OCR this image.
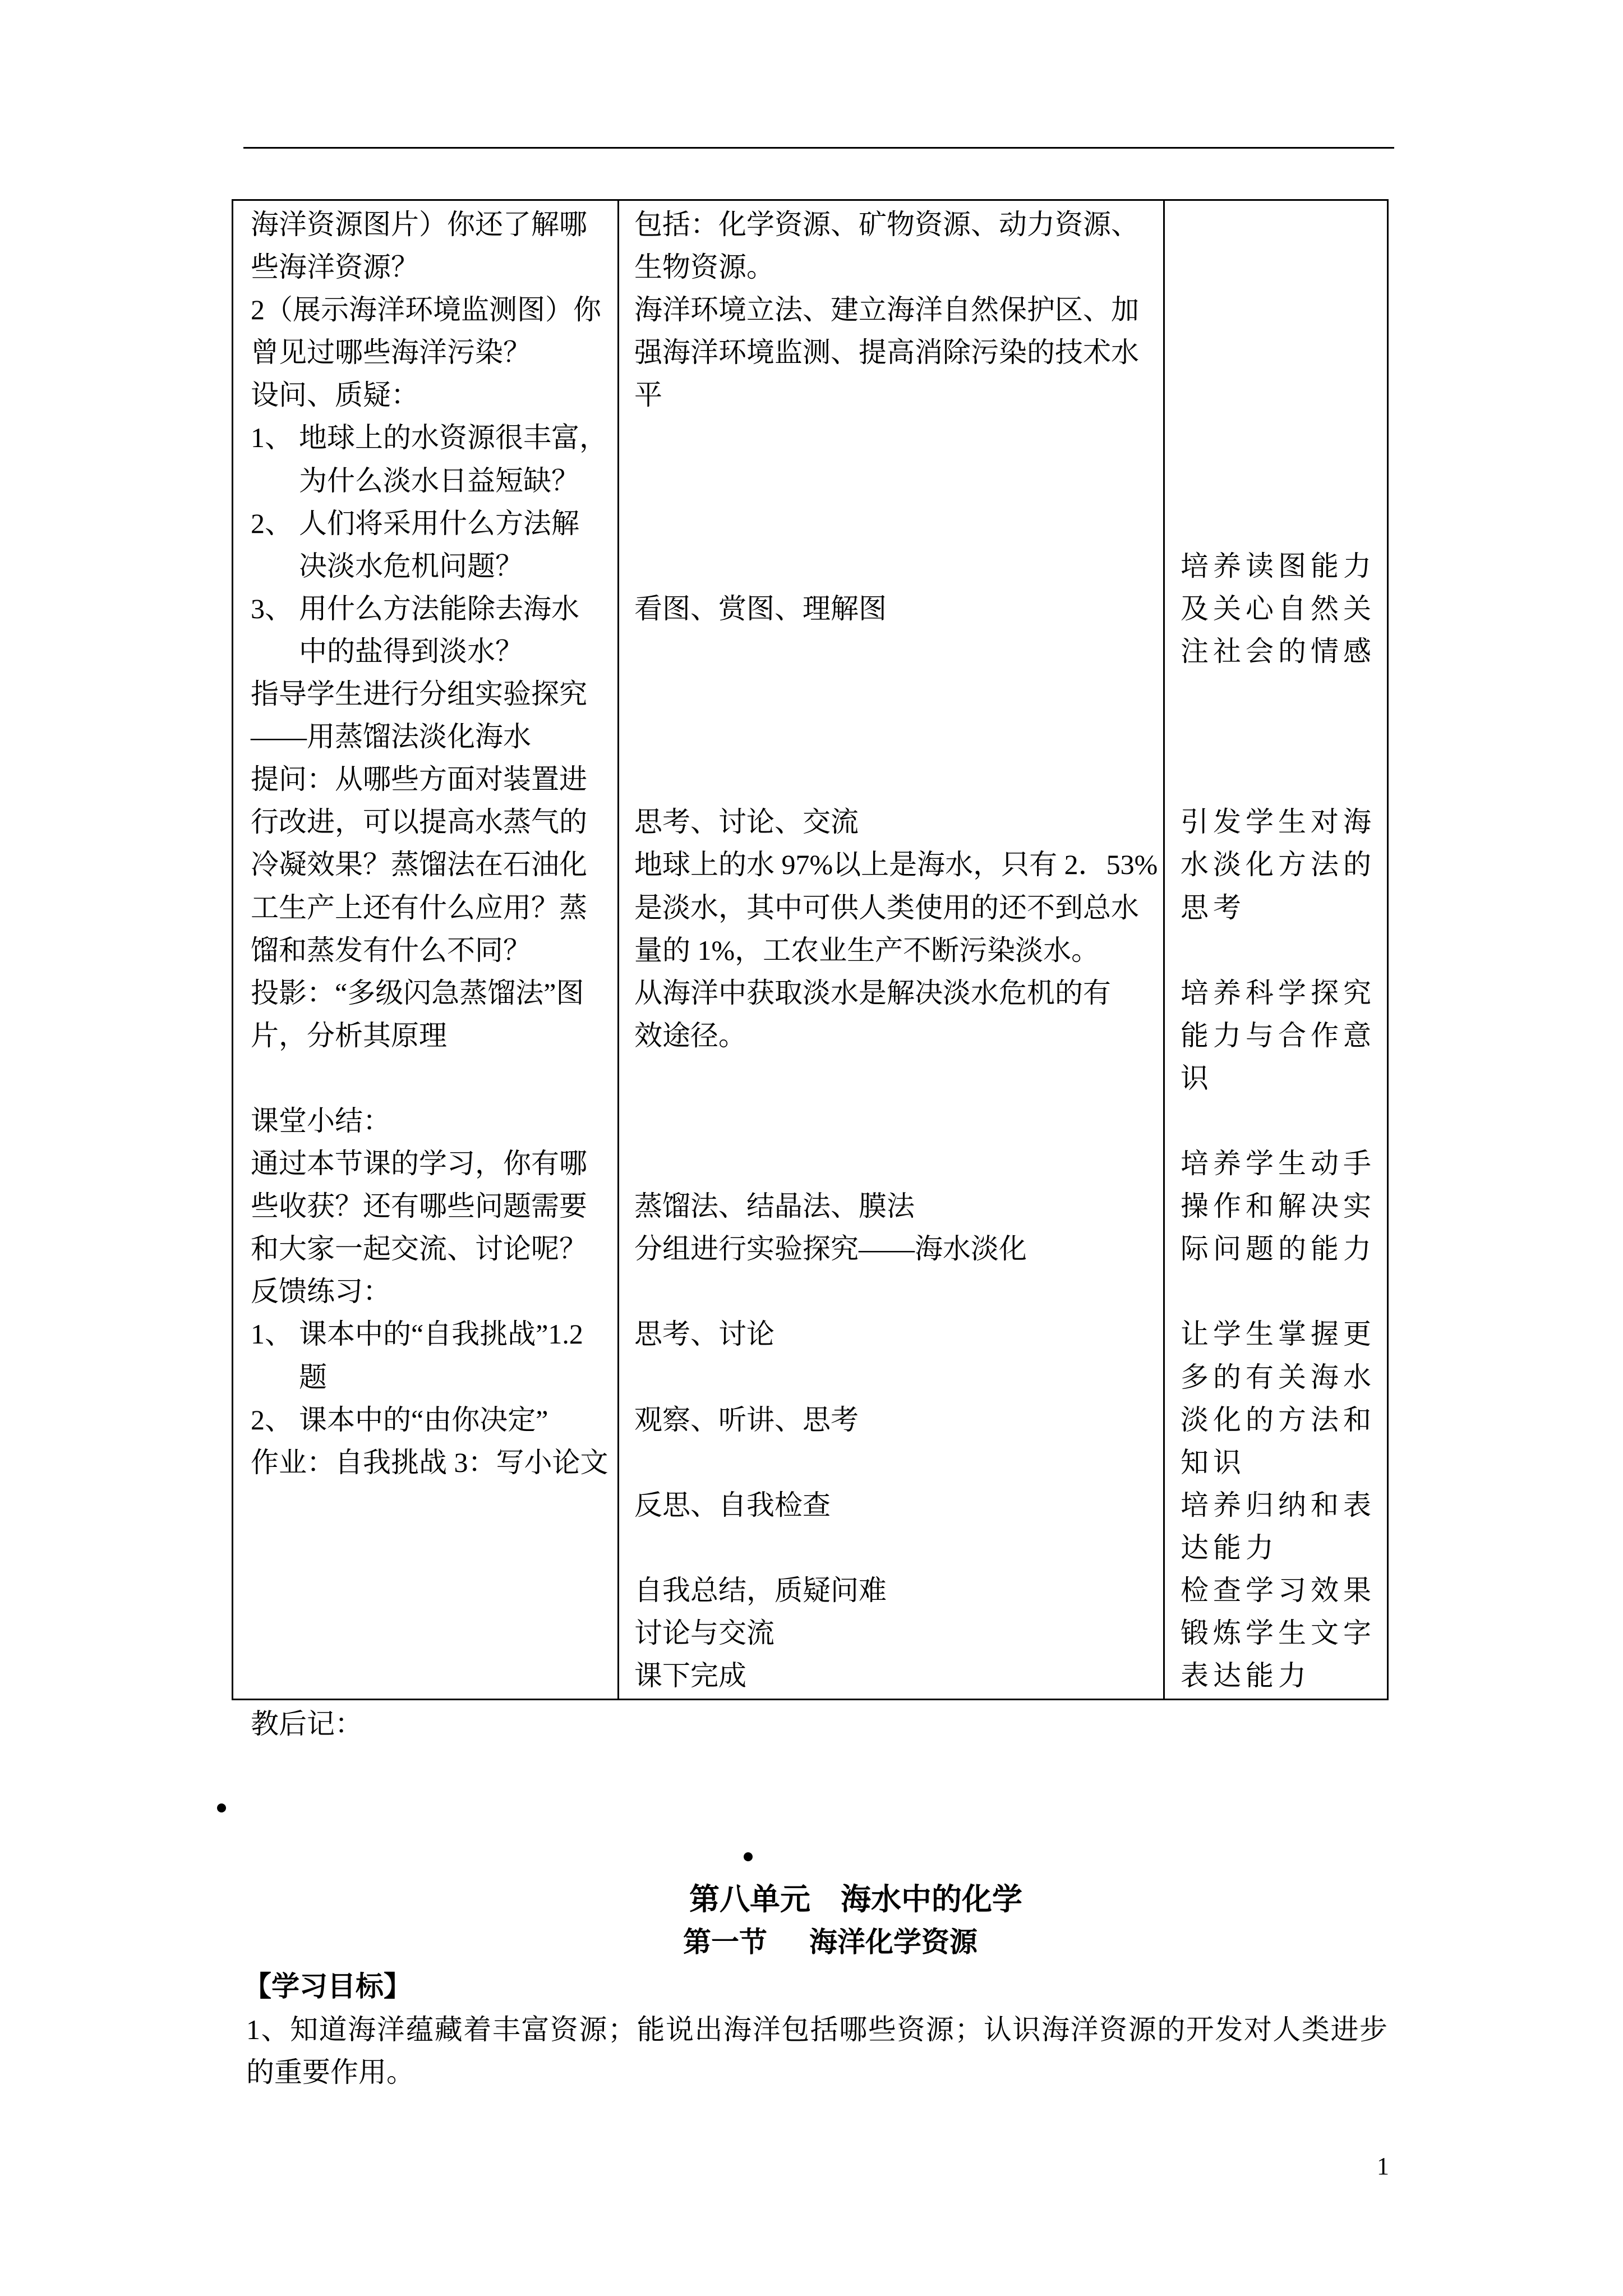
海洋资源图片）你还了解哪
些海洋资源？
2（展示海洋环境监测图）你
曾见过哪些海洋污染？
设问、质疑：
1、 地球上的水资源很丰富，
为什么淡水日益短缺？
2、 人们将采用什么方法解
决淡水危机问题？
3、 用什么方法能除去海水
中的盐得到淡水？
指导学生进行分组实验探究
——用蒸馏法淡化海水
提问：从哪些方面对装置进
行改进，可以提高水蒸气的
冷凝效果？蒸馏法在石油化
工生产上还有什么应用？蒸
馏和蒸发有什么不同？
投影：“多级闪急蒸馏法”图
片，分析其原理
课堂小结：
通过本节课的学习，你有哪
些收获？还有哪些问题需要
和大家一起交流、讨论呢？
反馈练习：
1、 课本中的“自我挑战”1.2
题
2、 课本中的“由你决定”
作业：自我挑战 3：写小论文
包括：化学资源、矿物资源、动力资源、
生物资源。
海洋环境立法、建立海洋自然保护区、加
强海洋环境监测、提高消除污染的技术水
平
看图、赏图、理解图
思考、讨论、交流
地球上的水 97%以上是海水，只有 2．53%
是淡水，其中可供人类使用的还不到总水
量的 1%，工农业生产不断污染淡水。
从海洋中获取淡水是解决淡水危机的有
效途径。
蒸馏法、结晶法、膜法
分组进行实验探究——海水淡化
思考、讨论
观察、听讲、思考
反思、自我检查
自我总结，质疑问难
讨论与交流
课下完成
培养读图能力
及关心自然关
注社会的情感
引发学生对海
水淡化方法的
思考
培养科学探究
能力与合作意
识
培养学生动手
操作和解决实
际问题的能力
让学生掌握更
多的有关海水
淡化的方法和
知识
培养归纳和表
达能力
检查学习效果
锻炼学生文字
表达能力
教后记：
第八单元　海水中的化学
第一节　  海洋化学资源
【学习目标】
1、知道海洋蕴藏着丰富资源；能说出海洋包括哪些资源；认识海洋资源的开发对人类进步
的重要作用。
1
